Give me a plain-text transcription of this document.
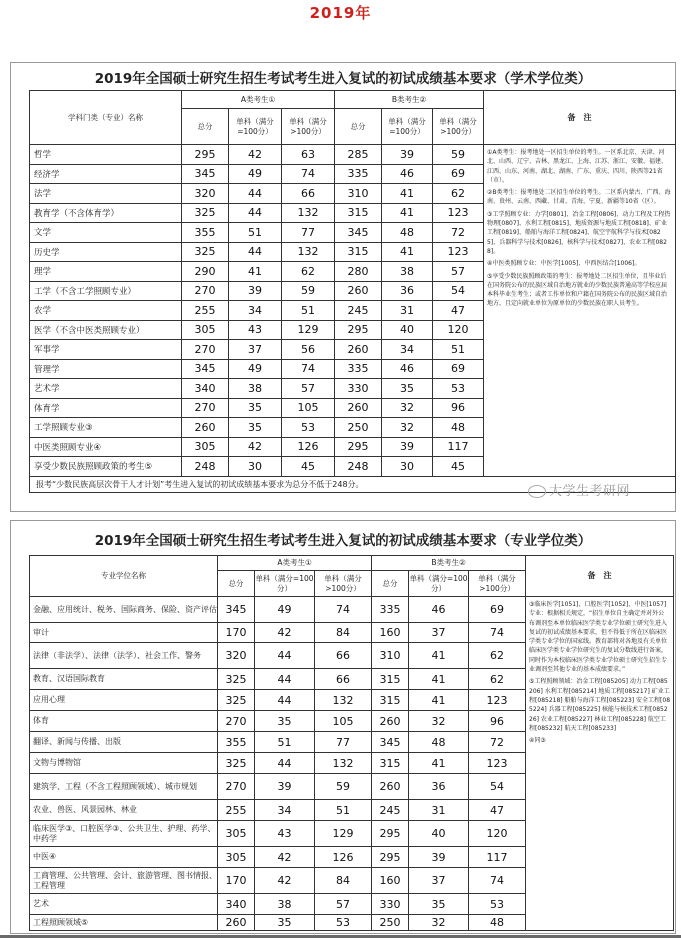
2019年
2019年全国硕士研究生招生考试考生进入复试的初试成绩基本要求（学术学位类）
学科门类（专业）名称	A类考生①			B类考生②			备　注
	总分	单科（满分=100分）	单科（满分>100分）	总分	单科（满分=100分）	单科（满分>100分）	
哲学	295	42	63	285	39	59	①A类考生：报考地处一区招生单位的考生。一区系北京、天津、河北、山西、辽宁、吉林、黑龙江、上海、江苏、浙江、安徽、福建、江西、山东、河南、湖北、湖南、广东、重庆、四川、陕西等21省（市）。

②B类考生：报考地处二区招生单位的考生。二区系内蒙古、广西、海南、贵州、云南、西藏、甘肃、青海、宁夏、新疆等10省（区）。

③工学照顾专业：力学[0801]、冶金工程[0806]、动力工程及工程热物理[0807]、水利工程[0815]、地质资源与地质工程[0818]、矿业工程[0819]、船舶与海洋工程[0824]、航空宇航科学与技术[0825]、兵器科学与技术[0826]、核科学与技术[0827]、农业工程[0828]。

④中医类照顾专业：中医学[1005]、中西医结合[1006]。

⑤享受少数民族照顾政策的考生：报考地处二区招生单位，且毕业后在国务院公布的民族区域自治地方就业的少数民族普通高等学校应届本科毕业生考生；或者工作单位和户籍在国务院公布的民族区域自治地方，且定向就业单位为原单位的少数民族在职人员考生。

经济学	345	49	74	335	46	69	
法学	320	44	66	310	41	62	
教育学（不含体育学）	325	44	132	315	41	123	
文学	355	51	77	345	48	72	
历史学	325	44	132	315	41	123	
理学	290	41	62	280	38	57	
工学（不含工学照顾专业）	270	39	59	260	36	54	
农学	255	34	51	245	31	47	
医学（不含中医类照顾专业）	305	43	129	295	40	120	
军事学	270	37	56	260	34	51	
管理学	345	49	74	335	46	69	
艺术学	340	38	57	330	35	53	
体育学	270	35	105	260	32	96	
工学照顾专业③	260	35	53	250	32	48	
中医类照顾专业④	305	42	126	295	39	117	
享受少数民族照顾政策的考生⑤	248	30	45	248	30	45	
报考“少数民族高层次骨干人才计划”考生进入复试的初试成绩基本要求为总分不低于248分。								大学生考研网
2019年全国硕士研究生招生考试考生进入复试的初试成绩基本要求（专业学位类）
专业学位名称	A类考生①			B类考生②			备　注
	总分	单科（满分=100分）	单科（满分>100分）	总分	单科（满分=100分）	单科（满分>100分）	
金融、应用统计、税务、国际商务、保险、资产评估	345	49	74	335	46	69	③临床医学[1051]、口腔医学[1052]、中医[1057]专业：根据相关规定，“招生单位自主确定并对外公布调剂至本单位临床医学类专业学位硕士研究生进入复试的初试成绩基本要求，但不得低于所在区临床医学类专业学位的国家线。教育部将对各地及有关单位临床医学类专业学位研究生的复试分数线进行备案，同时作为本校临床医学类专业学位硕士研究生招生专业调剂至其他专业的基本成绩要求。”

⑤工程照顾领域：冶金工程[085205] 动力工程[085206] 水利工程[085214] 地质工程[085217] 矿业工程[085218] 船舶与海洋工程[085223] 安全工程[085224] 兵器工程[085225] 核能与核技术工程[085226] 农业工程[085227] 林业工程[085228] 航空工程[085232] 航天工程[085233]

④同③

审计	170	42	84	160	37	74	
法律（非法学）、法律（法学）、社会工作、警务	320	44	66	310	41	62	
教育、汉语国际教育	325	44	66	315	41	62	
应用心理	325	44	132	315	41	123	
体育	270	35	105	260	32	96	
翻译、新闻与传播、出版	355	51	77	345	48	72	
文物与博物馆	325	44	132	315	41	123	
建筑学、工程（不含工程照顾领域）、城市规划	270	39	59	260	36	54	
农业、兽医、风景园林、林业	255	34	51	245	31	47	
临床医学③、口腔医学③、公共卫生、护理、药学、中药学	305	43	129	295	40	120	
中医④	305	42	126	295	39	117	
工商管理、公共管理、会计、旅游管理、图书情报、工程管理	170	42	84	160	37	74	
艺术	340	38	57	330	35	53	
工程照顾领域⑤	260	35	53	250	32	48	
